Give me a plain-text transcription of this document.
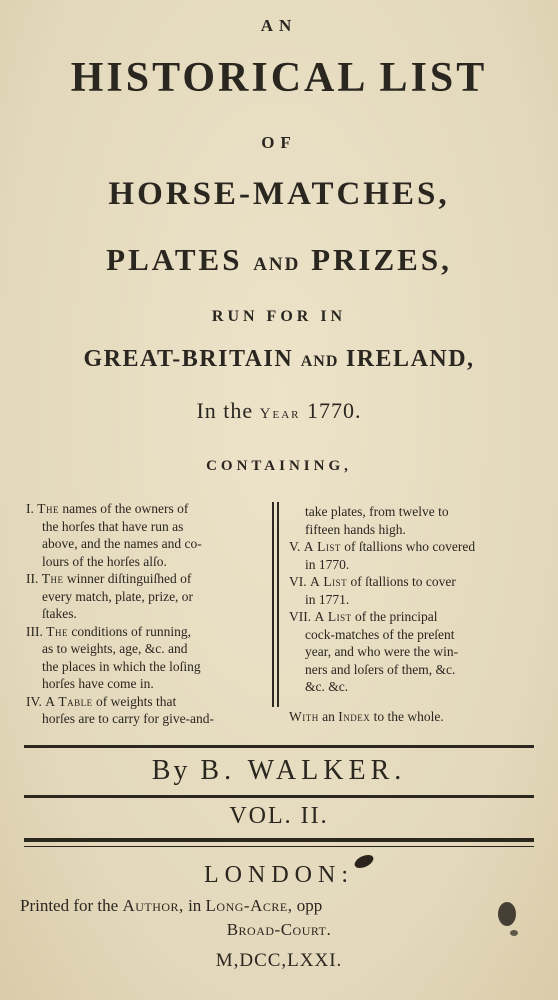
AN
HISTORICAL LIST
OF
HORSE-MATCHES,
PLATES AND PRIZES,
RUN FOR IN
GREAT-BRITAIN AND IRELAND,
In the Year 1770.
CONTAINING,
I. The names of the owners of
the horſes that have run as
above, and the names and co-
lours of the horſes alſo.
II. The winner diſtinguiſhed of
every match, plate, prize, or
ſtakes.
III. The conditions of running,
as to weights, age, &c. and
the places in which the loſing
horſes have come in.
IV. A Table of weights that
horſes are to carry for give-and-
take plates, from twelve to
fifteen hands high.
V. A List of ſtallions who covered
in 1770.
VI. A List of ſtallions to cover
in 1771.
VII. A List of the principal
cock-matches of the preſent
year, and who were the win-
ners and loſers of them, &c.
&c. &c.
With an Index to the whole.
By B. WALKER.
VOL. II.
LONDON:
Printed for the Author, in Long-Acre, opp
Broad-Court.
M,DCC,LXXI.
